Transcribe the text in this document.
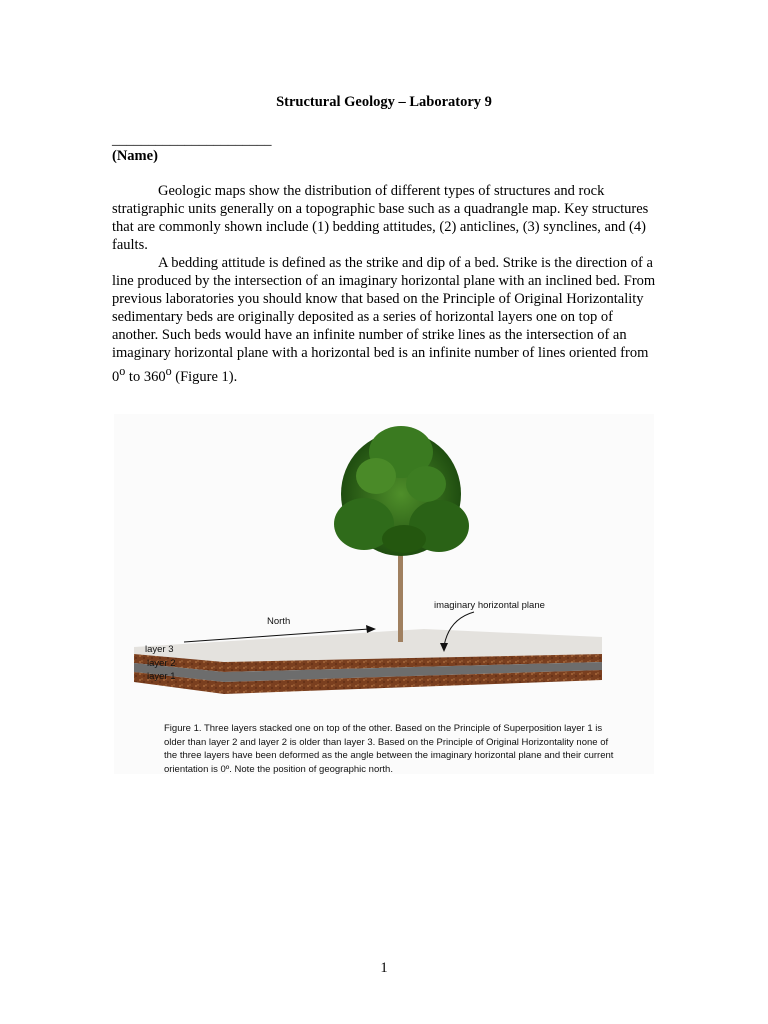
Structural Geology – Laboratory 9
______________________
(Name)

Geologic maps show the distribution of different types of structures and rock stratigraphic units generally on a topographic base such as a quadrangle map. Key structures that are commonly shown include (1) bedding attitudes, (2) anticlines, (3) synclines, and (4) faults.

A bedding attitude is defined as the strike and dip of a bed. Strike is the direction of a line produced by the intersection of an imaginary horizontal plane with an inclined bed. From previous laboratories you should know that based on the Principle of Original Horizontality sedimentary beds are originally deposited as a series of horizontal layers one on top of another. Such beds would have an infinite number of strike lines as the intersection of an imaginary horizontal plane with a horizontal bed is an infinite number of lines oriented from 0$^o$ to 360$^o$ (Figure 1).

imaginary horizontal plane
North
layer 3
layer 2
layer 1
Figure 1. Three layers stacked one on top of the other. Based on the Principle of Superposition layer 1 is older than layer 2 and layer 2 is older than layer 3. Based on the Principle of Original Horizontality none of the three layers have been deformed as the angle between the imaginary horizontal plane and their current orientation is 0º. Note the position of geographic north.
1
